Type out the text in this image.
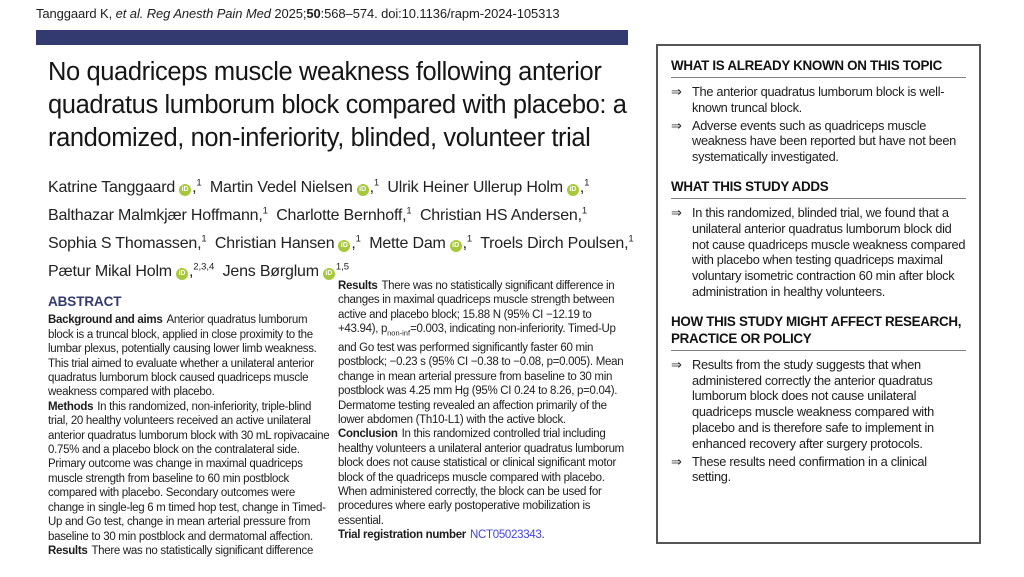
Tanggaard K, et al. Reg Anesth Pain Med 2025;50:568–574. doi:10.1136/rapm-2024-105313
No quadriceps muscle weakness following anterior quadratus lumborum block compared with placebo: a randomized, non-inferiority, blinded, volunteer trial
Katrine Tanggaard iD ,$^1$ Martin Vedel Nielsen iD ,$^1$ Ulrik Heiner Ullerup Holm iD ,$^1$
Balthazar Malmkjær Hoffmann,$^1$ Charlotte Bernhoff,$^1$ Christian HS Andersen,$^1$
Sophia S Thomassen,$^1$ Christian Hansen iD ,$^1$ Mette Dam iD ,$^1$ Troels Dirch Poulsen,$^1$
Pætur Mikal Holm iD ,$^{2,3,4}$ Jens Børglum iD$^{1,5}$
ABSTRACT

Background and aims Anterior quadratus lumborum block is a truncal block, applied in close proximity to the lumbar plexus, potentially causing lower limb weakness. This trial aimed to evaluate whether a unilateral anterior quadratus lumborum block caused quadriceps muscle weakness compared with placebo.

Methods In this randomized, non-inferiority, triple-blind trial, 20 healthy volunteers received an active unilateral anterior quadratus lumborum block with 30 mL ropivacaine 0.75% and a placebo block on the contralateral side. Primary outcome was change in maximal quadriceps muscle strength from baseline to 60 min postblock compared with placebo. Secondary outcomes were change in single-leg 6 m timed hop test, change in Timed-Up and Go test, change in mean arterial pressure from baseline to 30 min postblock and dermatomal affection.

Results There was no statistically significant difference

Results There was no statistically significant difference in changes in maximal quadriceps muscle strength between active and placebo block; 15.88 N (95% CI −12.19 to +43.94), $p_{non-inf}=0.003$, indicating non-inferiority. Timed-Up and Go test was performed significantly faster 60 min postblock; −0.23 s (95% CI −0.38 to −0.08, p=0.005). Mean change in mean arterial pressure from baseline to 30 min postblock was 4.25 mm Hg (95% CI 0.24 to 8.26, p=0.04). Dermatome testing revealed an affection primarily of the lower abdomen (Th10-L1) with the active block.

Conclusion In this randomized controlled trial including healthy volunteers a unilateral anterior quadratus lumborum block does not cause statistical or clinical significant motor block of the quadriceps muscle compared with placebo. When administered correctly, the block can be used for procedures where early postoperative mobilization is essential.

Trial registration number NCT05023343.

WHAT IS ALREADY KNOWN ON THIS TOPIC
⇒ The anterior quadratus lumborum block is well-known truncal block.
⇒ Adverse events such as quadriceps muscle weakness have been reported but have not been systematically investigated.
WHAT THIS STUDY ADDS
⇒ In this randomized, blinded trial, we found that a unilateral anterior quadratus lumborum block did not cause quadriceps muscle weakness compared with placebo when testing quadriceps maximal voluntary isometric contraction 60 min after block administration in healthy volunteers.
HOW THIS STUDY MIGHT AFFECT RESEARCH, PRACTICE OR POLICY
⇒ Results from the study suggests that when administered correctly the anterior quadratus lumborum block does not cause unilateral quadriceps muscle weakness compared with placebo and is therefore safe to implement in enhanced recovery after surgery protocols.
⇒ These results need confirmation in a clinical setting.
